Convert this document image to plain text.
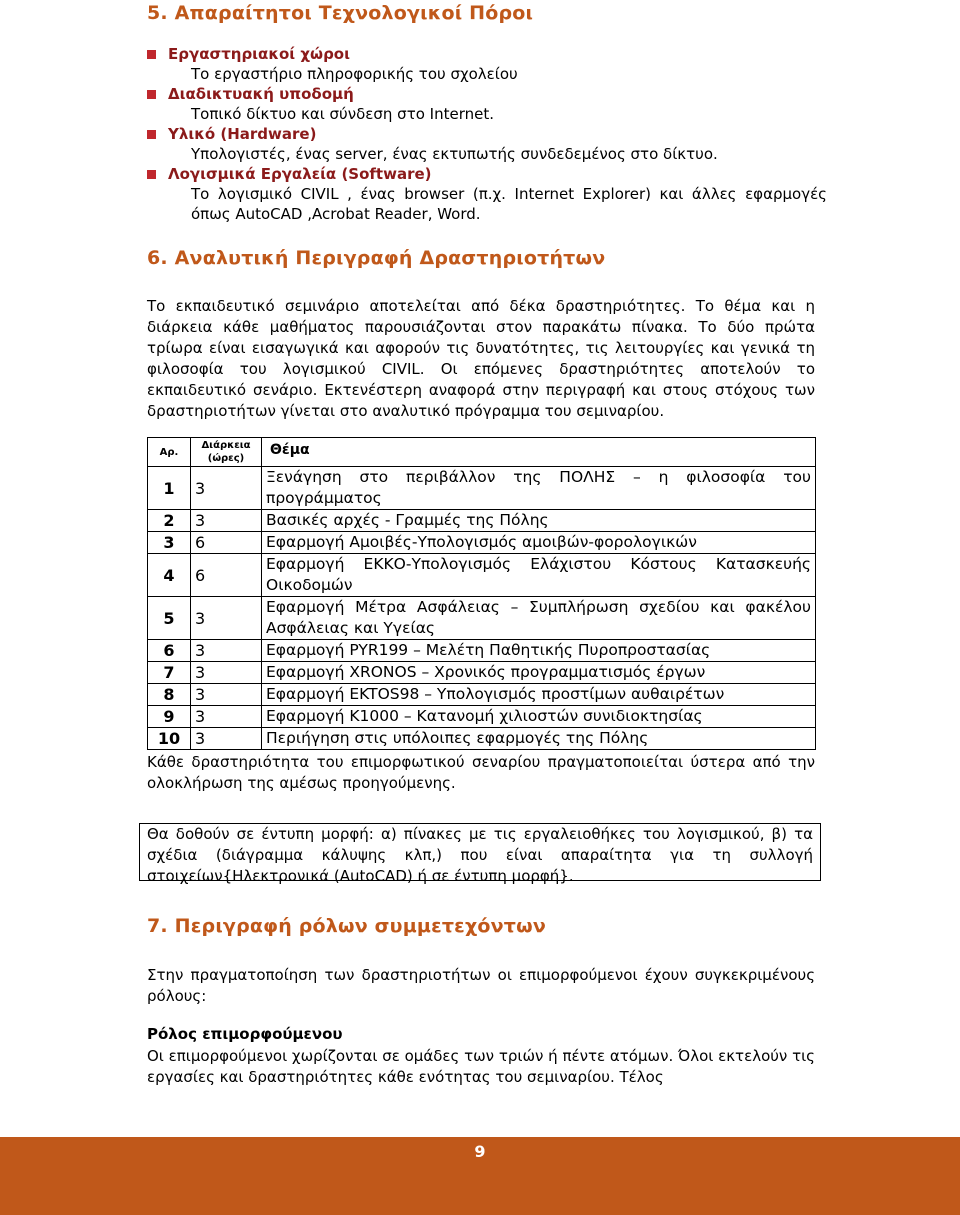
5. Απαραίτητοι Τεχνολογικοί Πόροι
Εργαστηριακοί χώροι
Το εργαστήριο πληροφορικής του σχολείου
Διαδικτυακή υποδομή
Τοπικό δίκτυο και σύνδεση στο Internet.
Υλικό (Hardware)
Υπολογιστές, ένας server, ένας εκτυπωτής συνδεδεμένος στο δίκτυο.
Λογισμικά Εργαλεία (Software)
Το λογισμικό CIVIL , ένας browser (π.χ. Internet Explorer) και άλλες εφαρμογές όπως AutoCAD ,Acrobat Reader, Word.
6. Αναλυτική Περιγραφή Δραστηριοτήτων

Το εκπαιδευτικό σεμινάριο αποτελείται από δέκα δραστηριότητες. Το θέμα και η διάρκεια κάθε μαθήματος παρουσιάζονται στον παρακάτω πίνακα. Το δύο πρώτα τρίωρα είναι εισαγωγικά και αφορούν τις δυνατότητες, τις λειτουργίες και γενικά τη φιλοσοφία του λογισμικού CIVIL. Οι επόμενες δραστηριότητες αποτελούν το εκπαιδευτικό σενάριο. Εκτενέστερη αναφορά στην περιγραφή και στους στόχους των δραστηριοτήτων γίνεται στο αναλυτικό πρόγραμμα του σεμιναρίου.

Αρ.	Διάρκεια (ώρες)	Θέμα
1	3	Ξενάγηση στο περιβάλλον της ΠΟΛΗΣ – η φιλοσοφία του προγράμματος
2	3	Βασικές αρχές - Γραμμές της Πόλης
3	6	Εφαρμογή Αμοιβές-Υπολογισμός αμοιβών-φορολογικών
4	6	Εφαρμογή ΕΚΚΟ-Υπολογισμός Ελάχιστου Κόστους Κατασκευής Οικοδομών
5	3	Εφαρμογή Μέτρα Ασφάλειας – Συμπλήρωση σχεδίου και φακέλου Ασφάλειας και Υγείας
6	3	Εφαρμογή PYR199 – Μελέτη Παθητικής Πυροπροστασίας
7	3	Εφαρμογή XRONOS – Χρονικός προγραμματισμός έργων
8	3	Εφαρμογή EKTOS98 – Υπολογισμός προστίμων αυθαιρέτων
9	3	Εφαρμογή K1000 – Κατανομή χιλιοστών συνιδιοκτησίας
10	3	Περιήγηση στις υπόλοιπες εφαρμογές της Πόλης

Κάθε δραστηριότητα του επιμορφωτικού σεναρίου πραγματοποιείται ύστερα από την ολοκλήρωση της αμέσως προηγούμενης.

Θα δοθούν σε έντυπη μορφή: α) πίνακες με τις εργαλειοθήκες του λογισμικού, β) τα σχέδια (διάγραμμα κάλυψης κλπ,) που είναι απαραίτητα για τη συλλογή στοιχείων{Ηλεκτρονικά (AutoCAD) ή σε έντυπη μορφή}.
7. Περιγραφή ρόλων συμμετεχόντων

Στην πραγματοποίηση των δραστηριοτήτων οι επιμορφούμενοι έχουν συγκεκριμένους ρόλους:

Ρόλος επιμορφούμενου

Οι επιμορφούμενοι χωρίζονται σε ομάδες των τριών ή πέντε ατόμων. Όλοι εκτελούν τις εργασίες και δραστηριότητες κάθε ενότητας του σεμιναρίου. Τέλος

9
